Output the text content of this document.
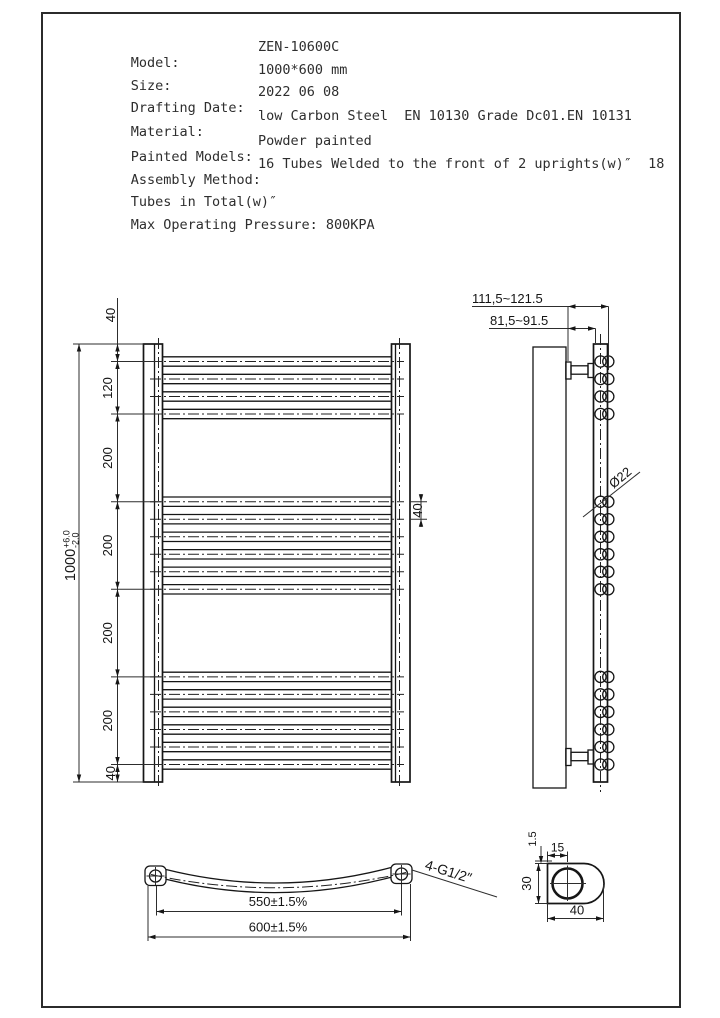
Model:

ZEN-10600C

Size:

1000*600 mm

Drafting Date:

2022 06 08

Material:

low Carbon Steel  EN 10130 Grade Dc01.EN 10131

Painted Models:

Powder painted

Assembly Method:

16 Tubes Welded to the front of 2 uprights(w)″  18

Tubes in Total(w)″

Max Operating Pressure: 800KPA

40
120
200
200
200
200
40
1000
+6.0 -2.0
40
111,5~121.5
81,5~91.5
Ø22
550±1.5%
600±1.5%
4-G1/2″
15
1.5
30
40
